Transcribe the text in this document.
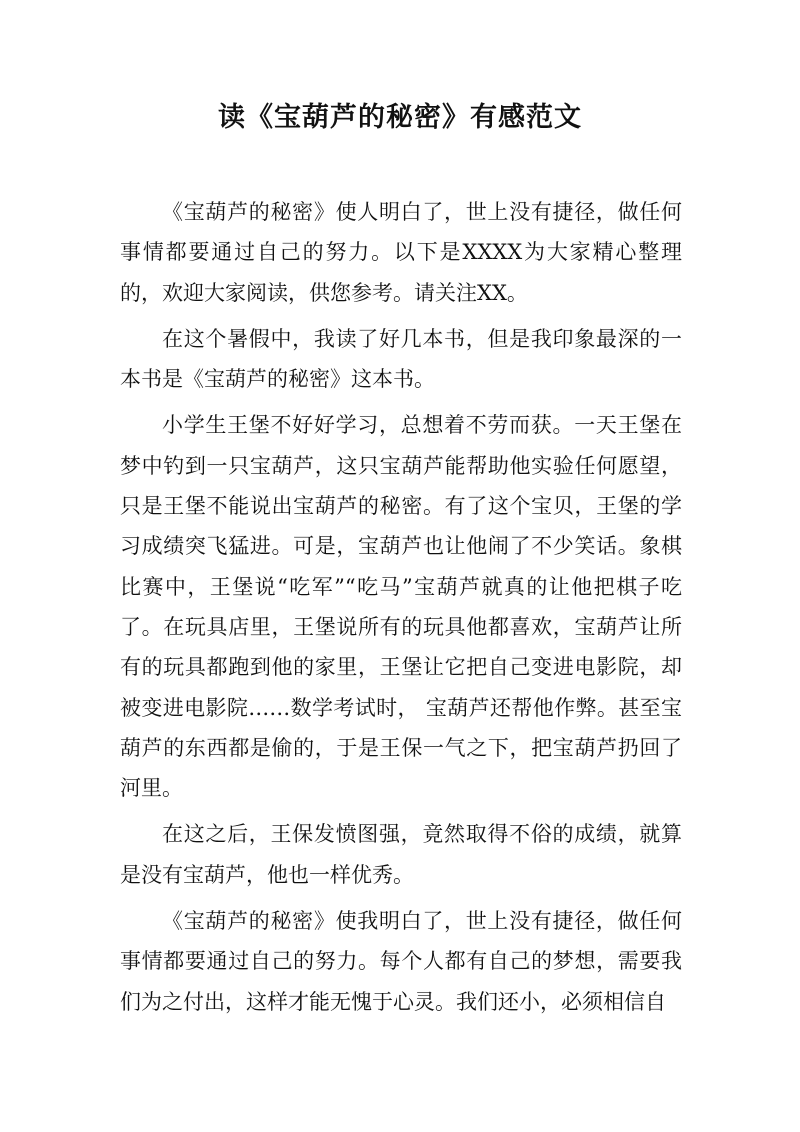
读《宝葫芦的秘密》有感范文

《宝葫芦的秘密》使人明白了，世上没有捷径，做任何事情都要通过自己的努力。以下是XXXX为大家精心整理的，欢迎大家阅读，供您参考。请关注XX。

在这个暑假中，我读了好几本书，但是我印象最深的一本书是《宝葫芦的秘密》这本书。

小学生王堡不好好学习，总想着不劳而获。一天王堡在梦中钓到一只宝葫芦，这只宝葫芦能帮助他实验任何愿望，只是王堡不能说出宝葫芦的秘密。有了这个宝贝，王堡的学习成绩突飞猛进。可是，宝葫芦也让他闹了不少笑话。象棋比赛中，王堡说“吃军”“吃马”宝葫芦就真的让他把棋子吃了。在玩具店里，王堡说所有的玩具他都喜欢，宝葫芦让所有的玩具都跑到他的家里，王堡让它把自己变进电影院，却被变进电影院……数学考试时， 宝葫芦还帮他作弊。甚至宝葫芦的东西都是偷的，于是王保一气之下，把宝葫芦扔回了河里。

在这之后，王保发愤图强，竟然取得不俗的成绩，就算是没有宝葫芦，他也一样优秀。

《宝葫芦的秘密》使我明白了，世上没有捷径，做任何事情都要通过自己的努力。每个人都有自己的梦想，需要我们为之付出，这样才能无愧于心灵。我们还小，必须相信自
